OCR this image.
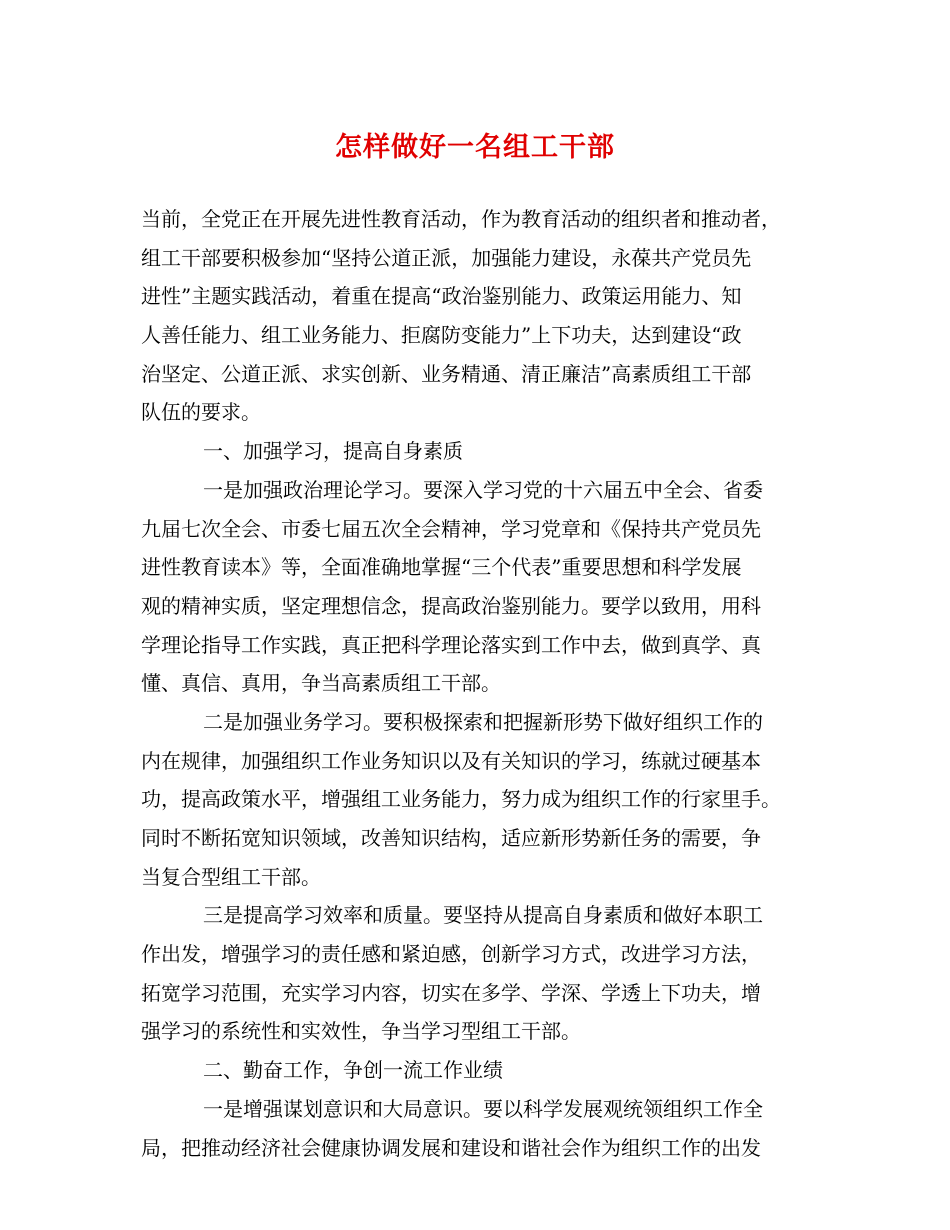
怎样做好一名组工干部
当前，全党正在开展先进性教育活动，作为教育活动的组织者和推动者，
组工干部要积极参加“坚持公道正派，加强能力建设，永葆共产党员先
进性”主题实践活动，着重在提高“政治鉴别能力、政策运用能力、知
人善任能力、组工业务能力、拒腐防变能力”上下功夫，达到建设“政
治坚定、公道正派、求实创新、业务精通、清正廉洁”高素质组工干部
队伍的要求。
一、加强学习，提高自身素质
一是加强政治理论学习。要深入学习党的十六届五中全会、省委
九届七次全会、市委七届五次全会精神，学习党章和《保持共产党员先
进性教育读本》等，全面准确地掌握“三个代表”重要思想和科学发展
观的精神实质，坚定理想信念，提高政治鉴别能力。要学以致用，用科
学理论指导工作实践，真正把科学理论落实到工作中去，做到真学、真
懂、真信、真用，争当高素质组工干部。
二是加强业务学习。要积极探索和把握新形势下做好组织工作的
内在规律，加强组织工作业务知识以及有关知识的学习，练就过硬基本
功，提高政策水平，增强组工业务能力，努力成为组织工作的行家里手。
同时不断拓宽知识领域，改善知识结构，适应新形势新任务的需要，争
当复合型组工干部。
三是提高学习效率和质量。要坚持从提高自身素质和做好本职工
作出发，增强学习的责任感和紧迫感，创新学习方式，改进学习方法，
拓宽学习范围，充实学习内容，切实在多学、学深、学透上下功夫，增
强学习的系统性和实效性，争当学习型组工干部。
二、勤奋工作，争创一流工作业绩
一是增强谋划意识和大局意识。要以科学发展观统领组织工作全
局，把推动经济社会健康协调发展和建设和谐社会作为组织工作的出发
